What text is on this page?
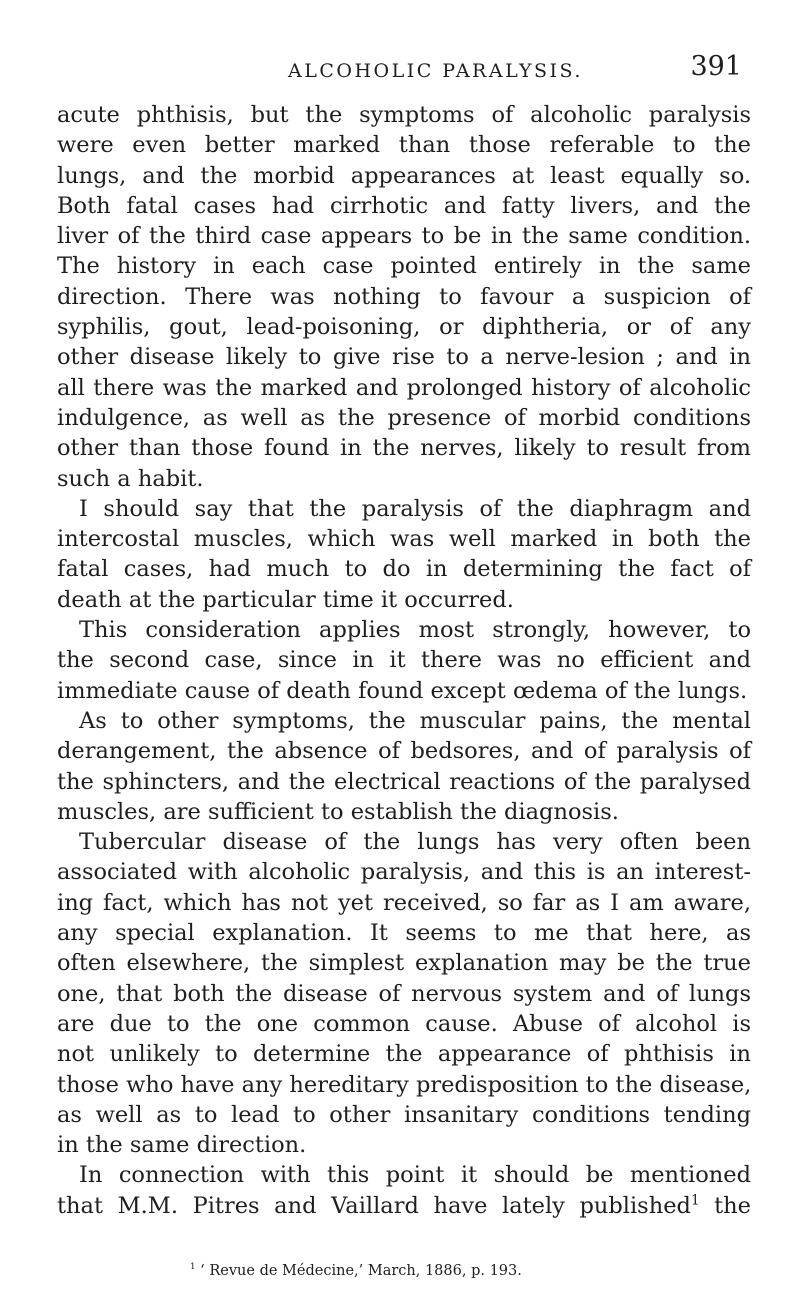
ALCOHOLIC PARALYSIS.	391
acute phthisis, but the symptoms of alcoholic paralysis
were even better marked than those referable to the
lungs, and the morbid appearances at least equally so.
Both fatal cases had cirrhotic and fatty livers, and the
liver of the third case appears to be in the same condition.
The history in each case pointed entirely in the same
direction. There was nothing to favour a suspicion of
syphilis, gout, lead-poisoning, or diphtheria, or of any
other disease likely to give rise to a nerve-lesion ; and in
all there was the marked and prolonged history of alcoholic
indulgence, as well as the presence of morbid conditions
other than those found in the nerves, likely to result from
such a habit.
I should say that the paralysis of the diaphragm and
intercostal muscles, which was well marked in both the
fatal cases, had much to do in determining the fact of
death at the particular time it occurred.
This consideration applies most strongly, however, to
the second case, since in it there was no efficient and
immediate cause of death found except œdema of the lungs.
As to other symptoms, the muscular pains, the mental
derangement, the absence of bedsores, and of paralysis of
the sphincters, and the electrical reactions of the paralysed
muscles, are sufficient to establish the diagnosis.
Tubercular disease of the lungs has very often been
associated with alcoholic paralysis, and this is an interest-
ing fact, which has not yet received, so far as I am aware,
any special explanation. It seems to me that here, as
often elsewhere, the simplest explanation may be the true
one, that both the disease of nervous system and of lungs
are due to the one common cause. Abuse of alcohol is
not unlikely to determine the appearance of phthisis in
those who have any hereditary predisposition to the disease,
as well as to lead to other insanitary conditions tending
in the same direction.
In connection with this point it should be mentioned
that M.M. Pitres and Vaillard have lately published$^1$ the
$^1$ ‘ Revue de Médecine,’ March, 1886, p. 193.
